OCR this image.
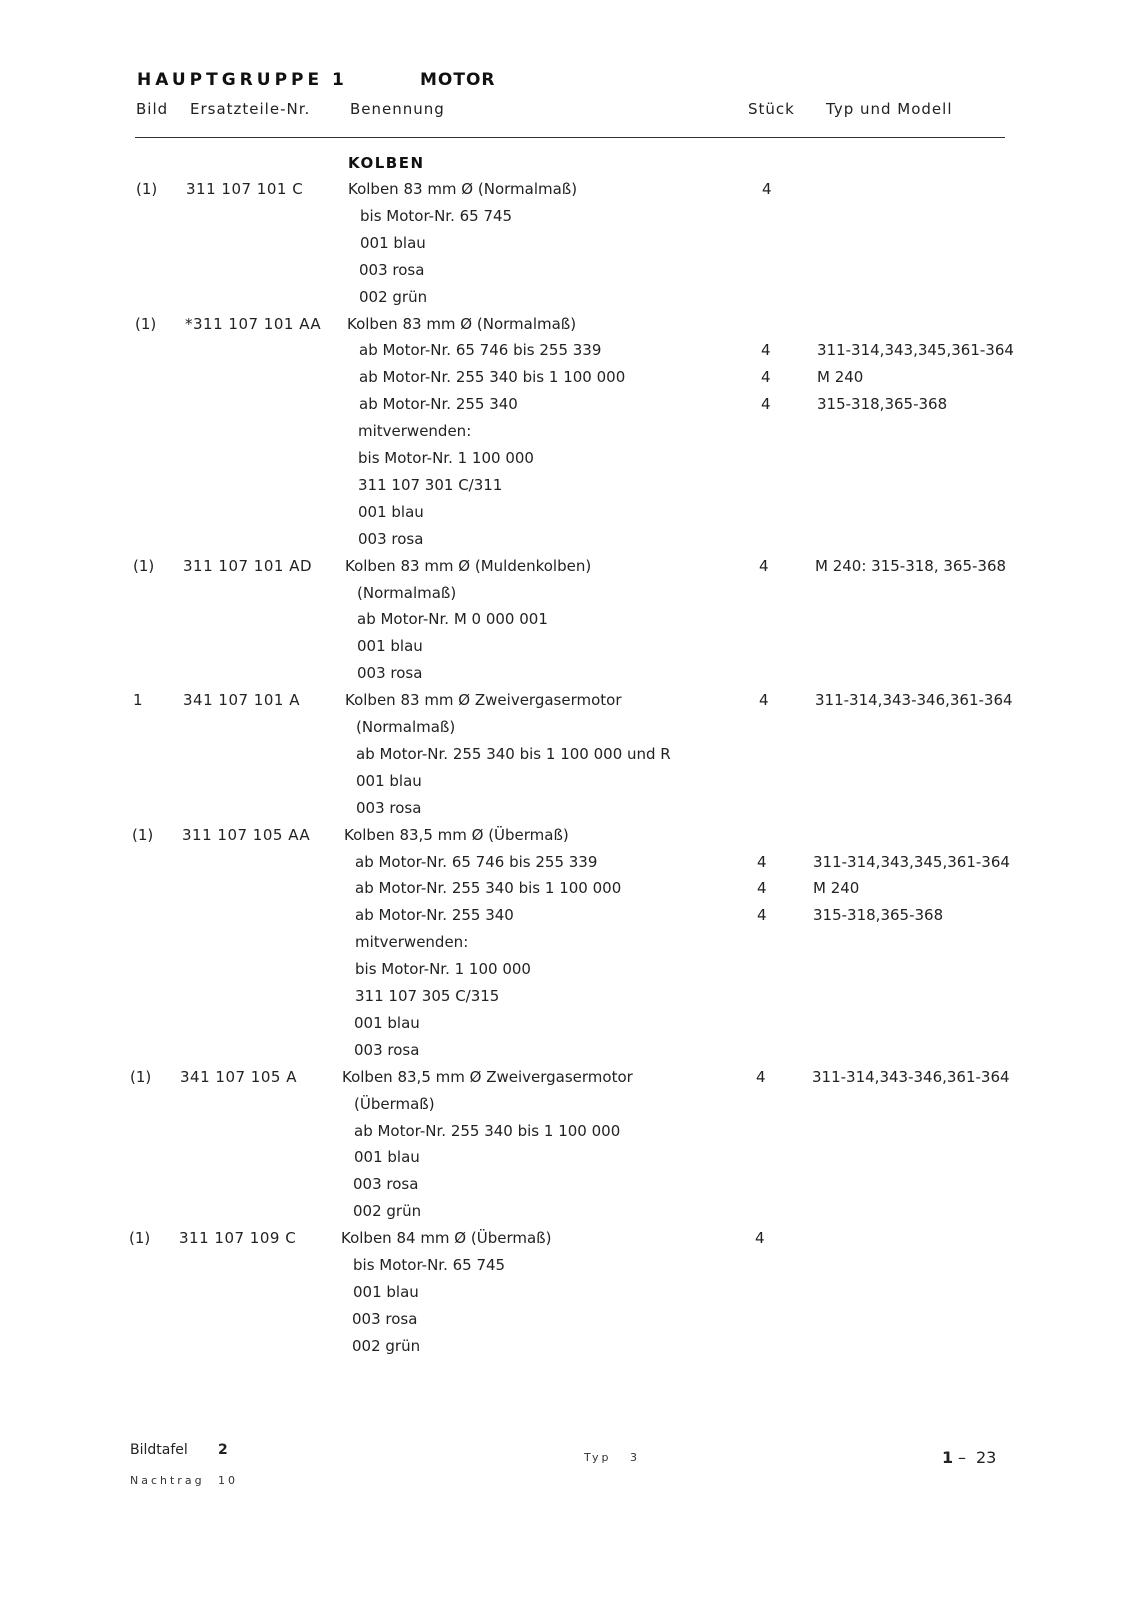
HAUPTGRUPPE 1	MOTOR
Bild Ersatzteile-Nr.	Benennung	Stück Typ und Modell
KOLBEN
(1)	311 107 101 C	Kolben 83 mm Ø (Normalmaß)	4
bis Motor-Nr. 65 745
001 blau
003 rosa
002 grün
(1)	*311 107 101 AA Kolben 83 mm Ø (Normalmaß)
ab Motor-Nr. 65 746 bis 255 339	4	311-314,343,345,361-364
ab Motor-Nr. 255 340 bis 1 100 000	4	M 240
ab Motor-Nr. 255 340	4	315-318,365-368
mitverwenden:
bis Motor-Nr. 1 100 000
311 107 301 C/311
001 blau
003 rosa
(1)	311 107 101 AD Kolben 83 mm Ø (Muldenkolben)	4	M 240: 315-318, 365-368
(Normalmaß)
ab Motor-Nr. M 0 000 001
001 blau
003 rosa
1	341 107 101 A	Kolben 83 mm Ø Zweivergasermotor	4	311-314,343-346,361-364
(Normalmaß)
ab Motor-Nr. 255 340 bis 1 100 000 und R
001 blau
003 rosa
(1)	311 107 105 AA Kolben 83,5 mm Ø (Übermaß)
ab Motor-Nr. 65 746 bis 255 339	4	311-314,343,345,361-364
ab Motor-Nr. 255 340 bis 1 100 000	4	M 240
ab Motor-Nr. 255 340	4	315-318,365-368
mitverwenden:
bis Motor-Nr. 1 100 000
311 107 305 C/315
001 blau
003 rosa
(1)	341 107 105 A	Kolben 83,5 mm Ø Zweivergasermotor	4	311-314,343-346,361-364
(Übermaß)
ab Motor-Nr. 255 340 bis 1 100 000
001 blau
003 rosa
002 grün
(1)	311 107 109 C	Kolben 84 mm Ø (Übermaß)	4
bis Motor-Nr. 65 745
001 blau
003 rosa
002 grün
Bildtafel 2
Nachtrag 10
Typ 3	1 – 23
